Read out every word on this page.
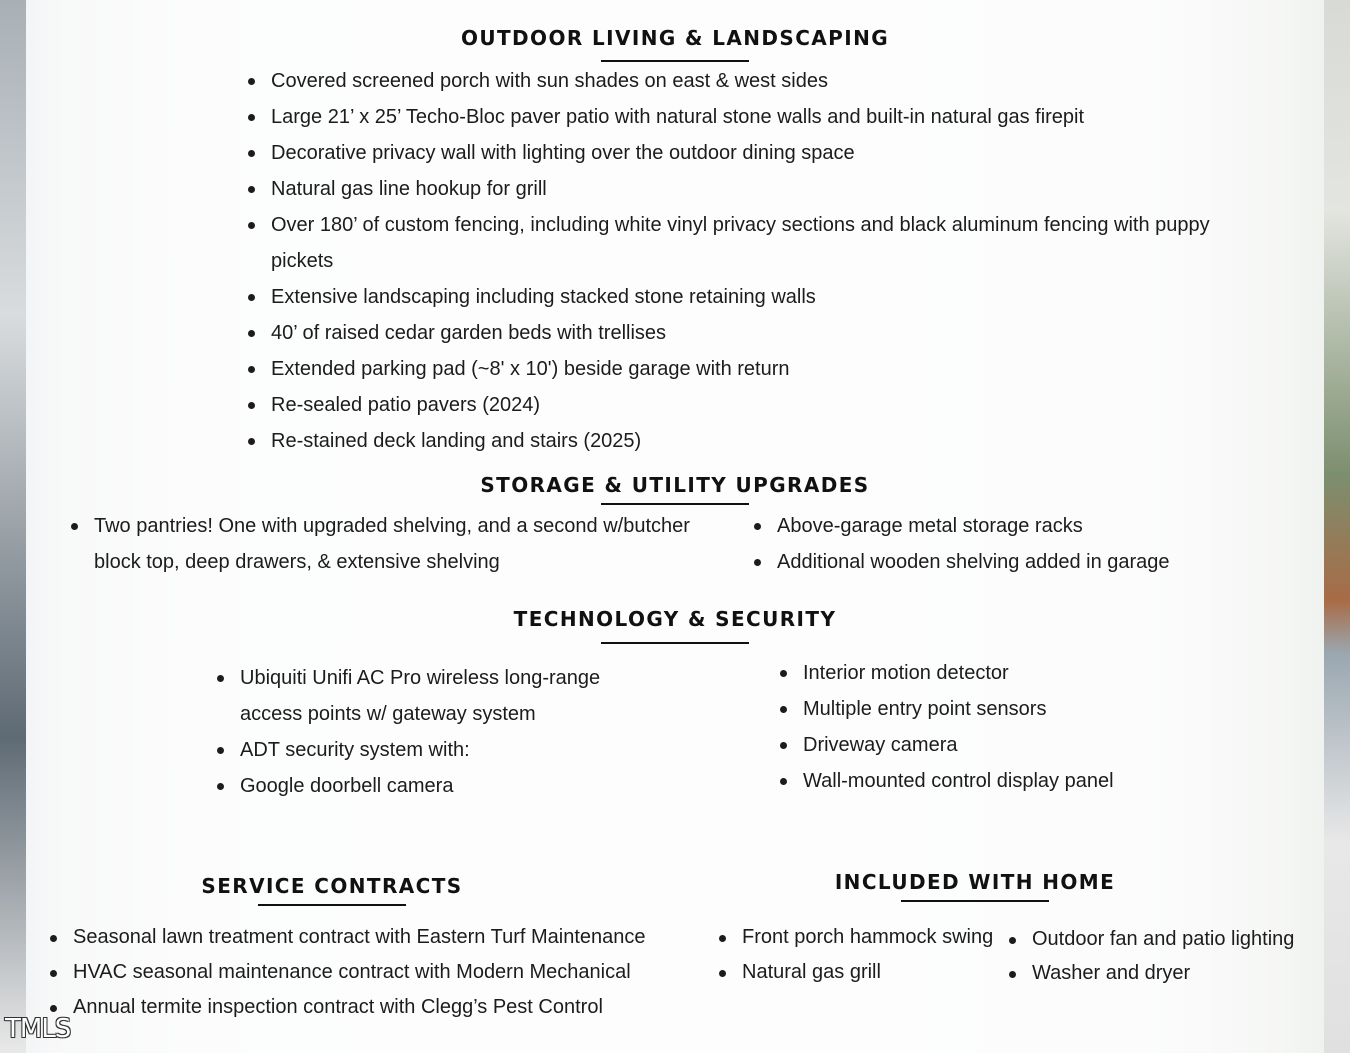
OUTDOOR LIVING & LANDSCAPING
Covered screened porch with sun shades on east & west sides
Large 21’ x 25’ Techo-Bloc paver patio with natural stone walls and built-in natural gas firepit
Decorative privacy wall with lighting over the outdoor dining space
Natural gas line hookup for grill
Over 180’ of custom fencing, including white vinyl privacy sections and black aluminum fencing with puppy pickets
Extensive landscaping including stacked stone retaining walls
40’ of raised cedar garden beds with trellises
Extended parking pad (~8' x 10') beside garage with return
Re-sealed patio pavers (2024)
Re-stained deck landing and stairs (2025)
STORAGE & UTILITY UPGRADES
Two pantries! One with upgraded shelving, and a second w/butcher block top, deep drawers, & extensive shelving
Above-garage metal storage racks
Additional wooden shelving added in garage
TECHNOLOGY & SECURITY
Ubiquiti Unifi AC Pro wireless long-range access points w/ gateway system
ADT security system with:
Google doorbell camera
Interior motion detector
Multiple entry point sensors
Driveway camera
Wall-mounted control display panel
SERVICE CONTRACTS
Seasonal lawn treatment contract with Eastern Turf Maintenance
HVAC seasonal maintenance contract with Modern Mechanical
Annual termite inspection contract with Clegg’s Pest Control
INCLUDED WITH HOME
Front porch hammock swing
Natural gas grill
Outdoor fan and patio lighting
Washer and dryer
TMLS
